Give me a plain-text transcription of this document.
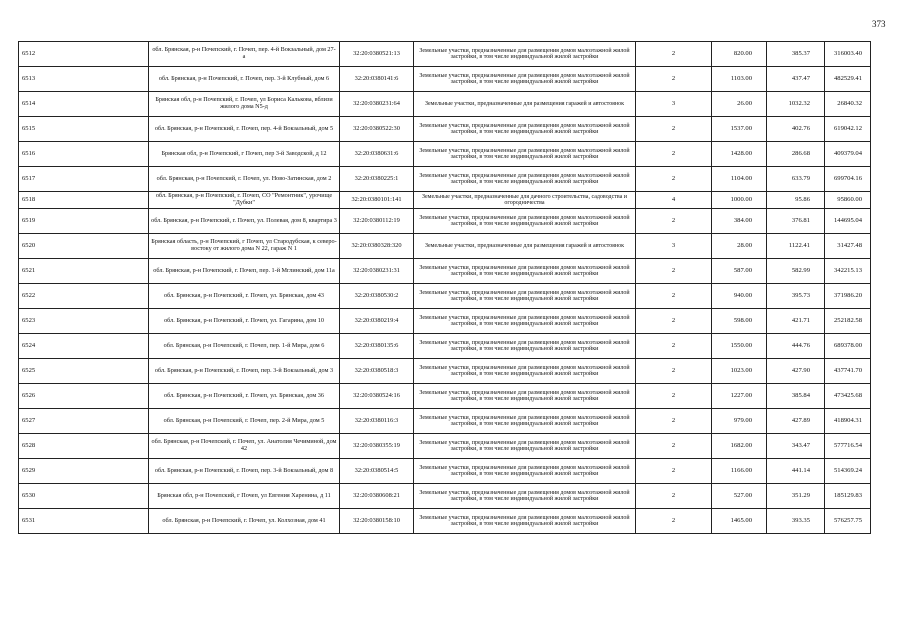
373
6512	обл. Брянская, р-н Почепский, г. Почеп, пер. 4-й Вокзальный, дом 27-а	32:20:0380521:13	Земельные участки, предназначенные для размещения домов малоэтажной жилой застройки, в том числе индивидуальной жилой застройки	2	820.00	385.37	316003.40
6513	обл. Брянская, р-н Почепский, г. Почеп, пер. 3-й Клубный, дом 6	32:20:0380141:6	Земельные участки, предназначенные для размещения домов малоэтажной жилой застройки, в том числе индивидуальной жилой застройки	2	1103.00	437.47	482529.41
6514	Брянская обл, р-н Почепский, г. Почеп, ул Бориса Калькова, вблизи жилого дома N5-д	32:20:0380231:64	Земельные участки, предназначенные для размещения гаражей и автостоянок	3	26.00	1032.32	26840.32
6515	обл. Брянская, р-н Почепский, г. Почеп, пер. 4-й Вокзальный, дом 5	32:20:0380522:30	Земельные участки, предназначенные для размещения домов малоэтажной жилой застройки, в том числе индивидуальной жилой застройки	2	1537.00	402.76	619042.12
6516	Брянская обл, р-н Почепский, г Почеп, пер 3-й Заводской, д 12	32:20:0380631:6	Земельные участки, предназначенные для размещения домов малоэтажной жилой застройки, в том числе индивидуальной жилой застройки	2	1428.00	286.68	409379.04
6517	обл. Брянская, р-н Почепский, г. Почеп, ул. Ново-Затинская, дом 2	32:20:0380225:1	Земельные участки, предназначенные для размещения домов малоэтажной жилой застройки, в том числе индивидуальной жилой застройки	2	1104.00	633.79	699704.16
6518	обл. Брянская, р-н Почепский, г. Почеп, СО "Ремонтник", урочище "Дубки"	32:20:0380101:141	Земельные участки, предназначенные для дачного строительства, садоводства и огородничества	4	1000.00	95.86	95860.00
6519	обл. Брянская, р-н Почепский, г. Почеп, ул. Полевая, дом 8, квартира 3	32:20:0380112:19	Земельные участки, предназначенные для размещения домов малоэтажной жилой застройки, в том числе индивидуальной жилой застройки	2	384.00	376.81	144695.04
6520	Брянская область, р-н Почепский, г Почеп, ул Стародубская, к северо-востоку от жилого дома N 22, гараж N 1	32:20:0380328:320	Земельные участки, предназначенные для размещения гаражей и автостоянок	3	28.00	1122.41	31427.48
6521	обл. Брянская, р-н Почепский, г. Почеп, пер. 1-й Мглинский, дом 11а	32:20:0380231:31	Земельные участки, предназначенные для размещения домов малоэтажной жилой застройки, в том числе индивидуальной жилой застройки	2	587.00	582.99	342215.13
6522	обл. Брянская, р-н Почепский, г. Почеп, ул. Брянская, дом 43	32:20:0380530:2	Земельные участки, предназначенные для размещения домов малоэтажной жилой застройки, в том числе индивидуальной жилой застройки	2	940.00	395.73	371986.20
6523	обл. Брянская, р-н Почепский, г. Почеп, ул. Гагарина, дом 10	32:20:0380219:4	Земельные участки, предназначенные для размещения домов малоэтажной жилой застройки, в том числе индивидуальной жилой застройки	2	598.00	421.71	252182.58
6524	обл. Брянская, р-н Почепский, г. Почеп, пер. 1-й Мира, дом 6	32:20:0380135:6	Земельные участки, предназначенные для размещения домов малоэтажной жилой застройки, в том числе индивидуальной жилой застройки	2	1550.00	444.76	689378.00
6525	обл. Брянская, р-н Почепский, г. Почеп, пер. 3-й Вокзальный, дом 3	32:20:0380518:3	Земельные участки, предназначенные для размещения домов малоэтажной жилой застройки, в том числе индивидуальной жилой застройки	2	1023.00	427.90	437741.70
6526	обл. Брянская, р-н Почепский, г. Почеп, ул. Брянская, дом 36	32:20:0380524:16	Земельные участки, предназначенные для размещения домов малоэтажной жилой застройки, в том числе индивидуальной жилой застройки	2	1227.00	385.84	473425.68
6527	обл. Брянская, р-н Почепский, г. Почеп, пер. 2-й Мира, дом 5	32:20:0380116:3	Земельные участки, предназначенные для размещения домов малоэтажной жилой застройки, в том числе индивидуальной жилой застройки	2	979.00	427.89	418904.31
6528	обл. Брянская, р-н Почепский, г. Почеп, ул. Анатолия Чечиминой, дом 42	32:20:0380355:19	Земельные участки, предназначенные для размещения домов малоэтажной жилой застройки, в том числе индивидуальной жилой застройки	2	1682.00	343.47	577716.54
6529	обл. Брянская, р-н Почепский, г. Почеп, пер. 3-й Вокзальный, дом 8	32:20:0380514:5	Земельные участки, предназначенные для размещения домов малоэтажной жилой застройки, в том числе индивидуальной жилой застройки	2	1166.00	441.14	514369.24
6530	Брянская обл, р-н Почепский, г Почеп, ул Евгения Харенина, д 11	32:20:0380608:21	Земельные участки, предназначенные для размещения домов малоэтажной жилой застройки, в том числе индивидуальной жилой застройки	2	527.00	351.29	185129.83
6531	обл. Брянская, р-н Почепский, г. Почеп, ул. Колхозная, дом 41	32:20:0380158:10	Земельные участки, предназначенные для размещения домов малоэтажной жилой застройки, в том числе индивидуальной жилой застройки	2	1465.00	393.35	576257.75
